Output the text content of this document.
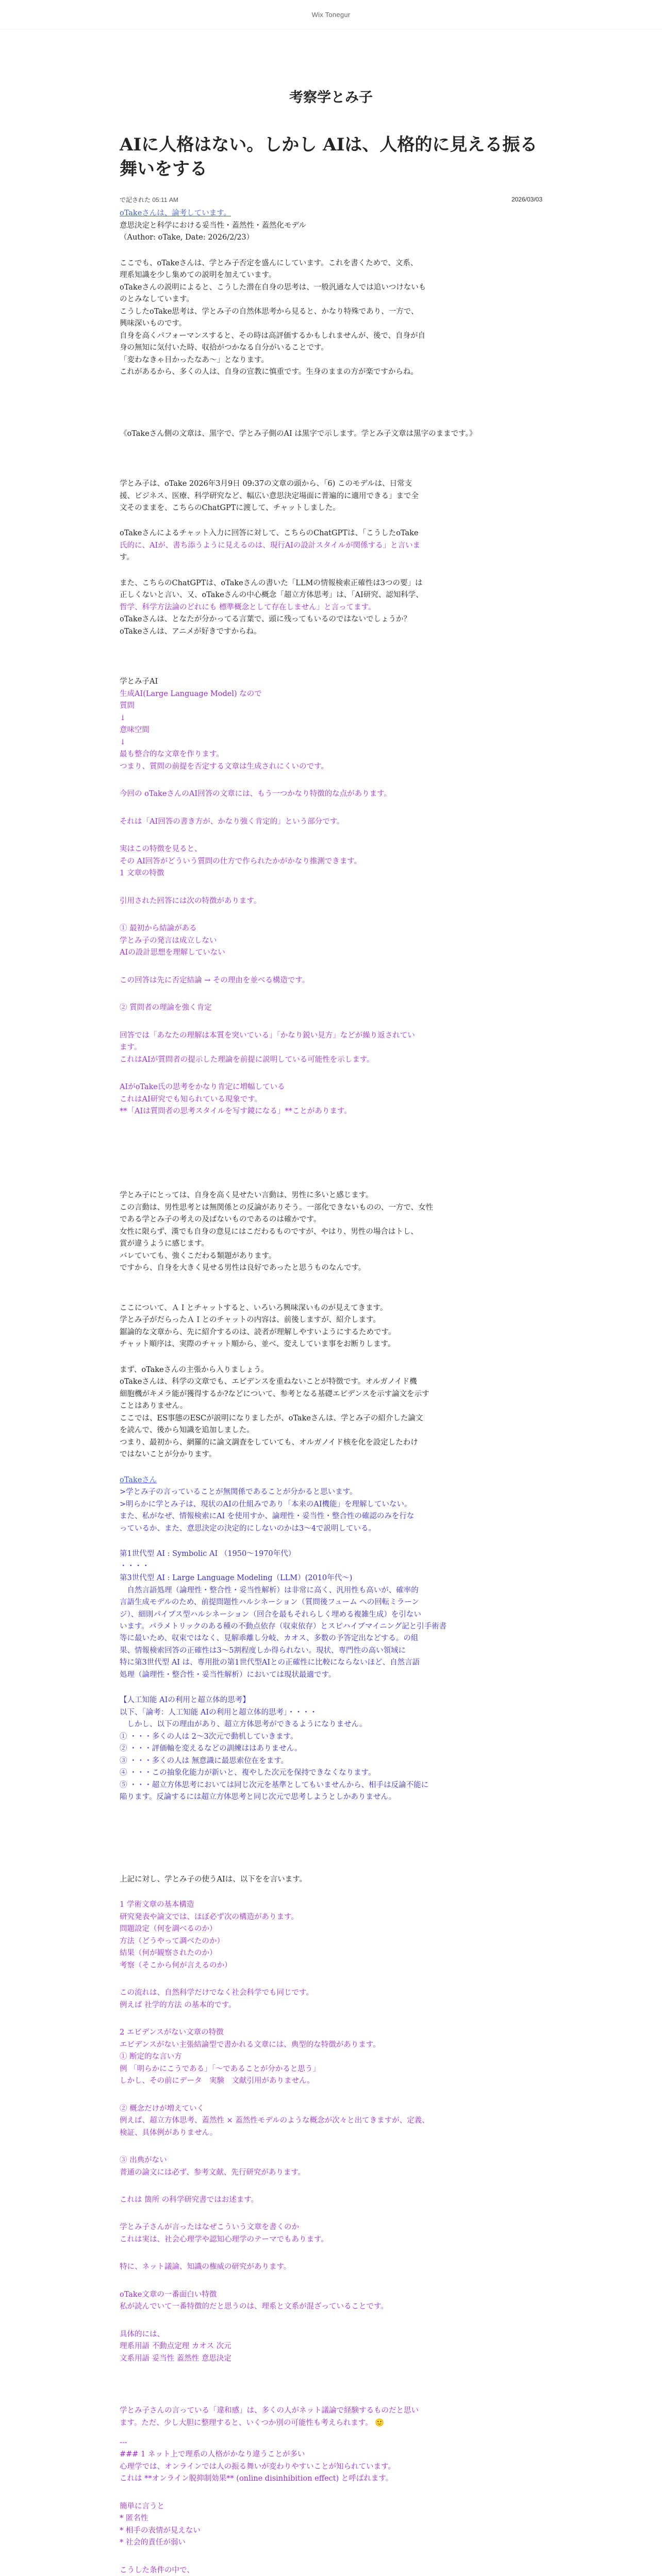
Wix Tonegur
考察学とみ子
AIに人格はない。しかし AIは、人格的に見える振る舞いをする
で記された 05:11 AM	2026/03/03

oTakeさんは、論考しています。

意思決定と科学における妥当性・蓋然性・蓋然化モデル

（Author: oTake, Date: 2026/2/23）

ここでも、oTakeさんは、学とみ子否定を盛んにしています。これを書くためで、文系、

理系知識を少し集めての説明を加えています。

oTakeさんの説明によると、こうした潜在自身の思考は、一般汎通な人では追いつけないも

のとみなしています。

こうしたoTake思考は、学とみ子の自然体思考から見ると、かなり特殊であり、一方で、

興味深いものです。

自身を高くパフォーマンスすると、その時は高評価するかもしれませんが、後で、自身が自

身の無知に気付いた時、収拾がつかなる自分がいることです。

「変わなきゃ目かったなあ～」となります。

これがあるから、多くの人は、自身の宣教に慎重です。生身のままの方が楽ですからね。

《oTakeさん側の文章は、黒字で、学とみ子側のAI は黒字で示します。学とみ子文章は黒字のままです。》

学とみ子は、oTake 2026年3月9日 09:37の文章の頭から、「6) このモデルは、日常支

援、ビジネス、医療、科学研究など、幅広い意思決定場面に普遍的に適用できる」まで全

文そのままを、こちらのChatGPTに渡して、チャットしました。

oTakeさんによるチャット入力に回答に対して、こちらのChatGPTは、「こうしたoTake

氏的に、AIが、書ち添うように見えるのは、現行AIの設計スタイルが関係する」と言いま

す。

また、こちらのChatGPTは、oTakeさんの書いた「LLMの情報検索正確性は3つの要」は

正しくないと言い、又、oTakeさんの中心概念「超立方体思考」は、「AI研究、認知科学、

哲学、科学方法論のどれにも 標準概念として存在しません」と言ってます。

oTakeさんは、となたが分かってる言葉で、頭に残ってもいるのではないでしょうか？

oTakeさんは、アニメが好きですからね。

学とみ子AI

生成AI(Large Language Model) なので

質問

↓

意味空間

↓

最も整合的な文章を作ります。

つまり、質問の前提を否定する文章は生成されにくいのです。

今回の oTakeさんのAI回答の文章には、もう一つかなり特徴的な点があります。

それは「AI回答の書き方が、かなり強く肯定的」という部分です。

実はこの特徴を見ると、

その AI回答がどういう質問の仕方で作られたかがかなり推測できます。

1 文章の特徴

引用された回答には次の特徴があります。

① 最初から結論がある

学とみ子の発言は成立しない

AIの設計思想を理解していない

この回答は先に否定結論 → その理由を並べる構造です。

② 質問者の理論を強く肯定

回答では「あなたの理解は本質を突いている」「かなり鋭い見方」などが繰り返されてい

ます。

これはAIが質問者の提示した理論を前提に説明している可能性を示します。

AIがoTake氏の思考をかなり肯定に増幅している

これはAI研究でも知られている現象です。

**「AIは質問者の思考スタイルを写す鏡になる」**ことがあります。

学とみ子にとっては、自身を高く見せたい言動は、男性に多いと感じます。

この言動は、男性思考とは無関係との反論がありそう。一部化できないものの、一方で、女性

である学とみ子の考えの及ばないものであるのは確かです。

女性に限らず、漢でも自身の意見にはこだわるものですが、やはり、男性の場合はトし、

賞が違うように感じます。

バレていても、強くこだわる類題があります。

ですから、自身を大きく見せる男性は良好であったと思うものなんです。

ここについて、ＡＩとチャットすると、いろいろ興味深いものが見えてきます。

学とみ子がだらったＡＩとのチャットの内容は、前後しますが、紹介します。

鋸論的な文章から、先に紹介するのは、読者が理解しやすいようにするためです。

チャット順序は、実際のチャット順から、並べ、変えしていま事をお断りします。

まず、oTakeさんの主張から入りましょう。

oTakeさんは、科学の文章でも、エビデンスを重ねないことが特徴です。オルガノイド機

細胞機がキメラ能が獲得するか?などについて、参考となる基礎エビデンスを示す論文を示す

ことはありません。

ここでは、ES事態のESCが説明になりましたが、oTakeさんは、学とみ子の紹介した論文

を読んで、後から知識を追加しました。

つまり、最初から、網羅的に論文調査をしていても、オルガノイド核を化を設定したわけ

ではないことが分かります。

oTakeさん

>学とみ子の言っていることが無関係であることが分かると思います。

>明らかに学とみ子は、現状のAIの仕組みであり「本来のAI機能」を理解していない。

また、私がなぜ、情報検索にAI を使用すか、論理性・妥当性・整合性の確認のみを行な

っているか、また、意思決定の決定的にしないのかは3〜4で説明している。

第1世代型 AI : Symbolic AI （1950〜1970年代）

・・・・

第3世代型 AI : Large Language Modeling（LLM）(2010年代〜)

　自然言語処理（論理性・整合性・妥当性解析）は非常に高く、汎用性も高いが、確率的

言語生成モデルのため、前提問題性ハルシネーション（質問後フューム への回転ミラーン

ジ）、細則パイプス型ハルシネーション（回合を最もそれらしく埋める複雑生成）を引ない

います。パラメトリックのある種の不動点依存（収束依存）とスピハイブマイニング記と引手術書

等に最いため、収束ではなく、見解乖離し分岐、カオス、多数の予答定出などする。の組

果、情報検索回答の正確性は3～5割程度しか得られない。現状、専門性の高い領域に

特に第3世代型 AI は、専用批の第1世代型AIとの正確性に比較にならないほど、自然言語

処理（論理性・整合性・妥当性解析）においては現状最適です。

【人工知能 AIの利用と超立体的思考】

以下、「論考：人工知能 AIの利用と超立体的思考」・・・・

　しかし、以下の理由があり、超立方体思考ができるようになりません。

① ・・・多くの人は 2〜3次元で動机していきます。

② ・・・評価軸を変えるなどの訓練ははありません。

③ ・・・多くの人は 無意識に最思索位在をます。

④ ・・・この抽象化能力が新いと、複やした次元を保持できなくなります。

⑤ ・・・超立方体思考においては同じ次元を基準としてもいませんから、相手は反論不能に

陥ります。反論するには超立方体思考と同じ次元で思考しようとしかありません。

上記に対し、学とみ子の使うAIは、以下をを言います。

1 学術文章の基本構造

研究発表や論文では、ほぼ必ず次の構造があります。

問題設定（何を調べるのか）

方法（どうやって調べたのか）

結果（何が観察されたのか）

考察（そこから何が言えるのか）

この流れは、自然科学だけでなく社会科学でも同じです。

例えば 社学的方法 の基本的です。

2 エビデンスがない文章の特徴

エビデンスがない主張結論型で書かれる文章には、典型的な特徴があります。

① 断定的な言い方

例 「明らかにこうである」「〜であることが分かると思う」

しかし、その前にデータ　実験　文献引用がありません。

② 概念だけが増えていく

例えば、超立方体思考、蓋然性 × 蓋然性モデルのような概念が次々と出てきますが、定義、

検証、具体例がありません。

③ 出典がない

普通の論文には必ず、参考文献、先行研究があります。

これは 箇所 の科学研究書ではお述ます。

学とみ子さんが言ったはなぜこういう文章を書くのか

これは実は、社会心理学や認知心理学のテーマでもあります。

特に、ネット議論、知識の権威の研究があります。

oTake文章の一番面白い特徴

私が読んでいて一番特徴的だと思うのは、理系と文系が混ざっていることです。

具体的には、

理系用語 不動点定理 カオス 次元

文系用語 妥当性 蓋然性 意思決定

学とみ子さんの言っている「違和感」は、多くの人がネット議論で経験するものだと思い

ます。ただ、少し大胆に整理すると、いくつか別の可能性も考えられます。 🙂

---

### 1 ネット上で理系の人格がかなり違うことが多い

心理学では、オンラインでは人の振る舞いが変わりやすいことが知られています。

これは **オンライン脱抑制効果** (online disinhibition effect) と呼ばれます。

簡単に言うと

* 匿名性

* 相手の表情が見えない

* 社会的責任が弱い

こうした条件の中で、
